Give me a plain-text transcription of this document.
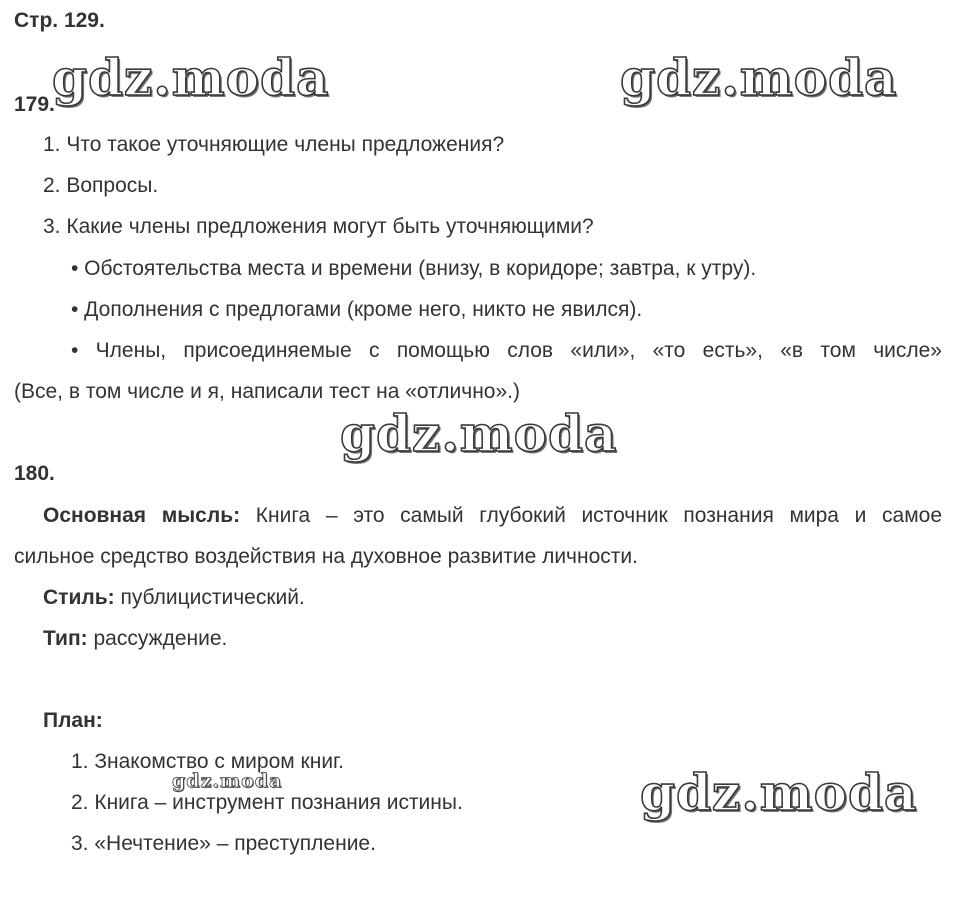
Стр. 129.
179.
gdz.moda	gdz.moda
1. Что такое уточняющие члены предложения?
2. Вопросы.
3. Какие члены предложения могут быть уточняющими?
• Обстоятельства места и времени (внизу, в коридоре; завтра, к утру).
• Дополнения с предлогами (кроме него, никто не явился).
• Члены, присоединяемые с помощью слов «или», «то есть», «в том числе»
(Все, в том числе и я, написали тест на «отлично».)
gdz.moda
180.
Основная мысль: Книга – это самый глубокий источник познания мира и самое
сильное средство воздействия на духовное развитие личности.
Стиль: публицистический.
Тип: рассуждение.
План:
1. Знакомство с миром книг.
gdz.moda
2. Книга – инструмент познания истины.
3. «Нечтение» – преступление.
gdz.moda
